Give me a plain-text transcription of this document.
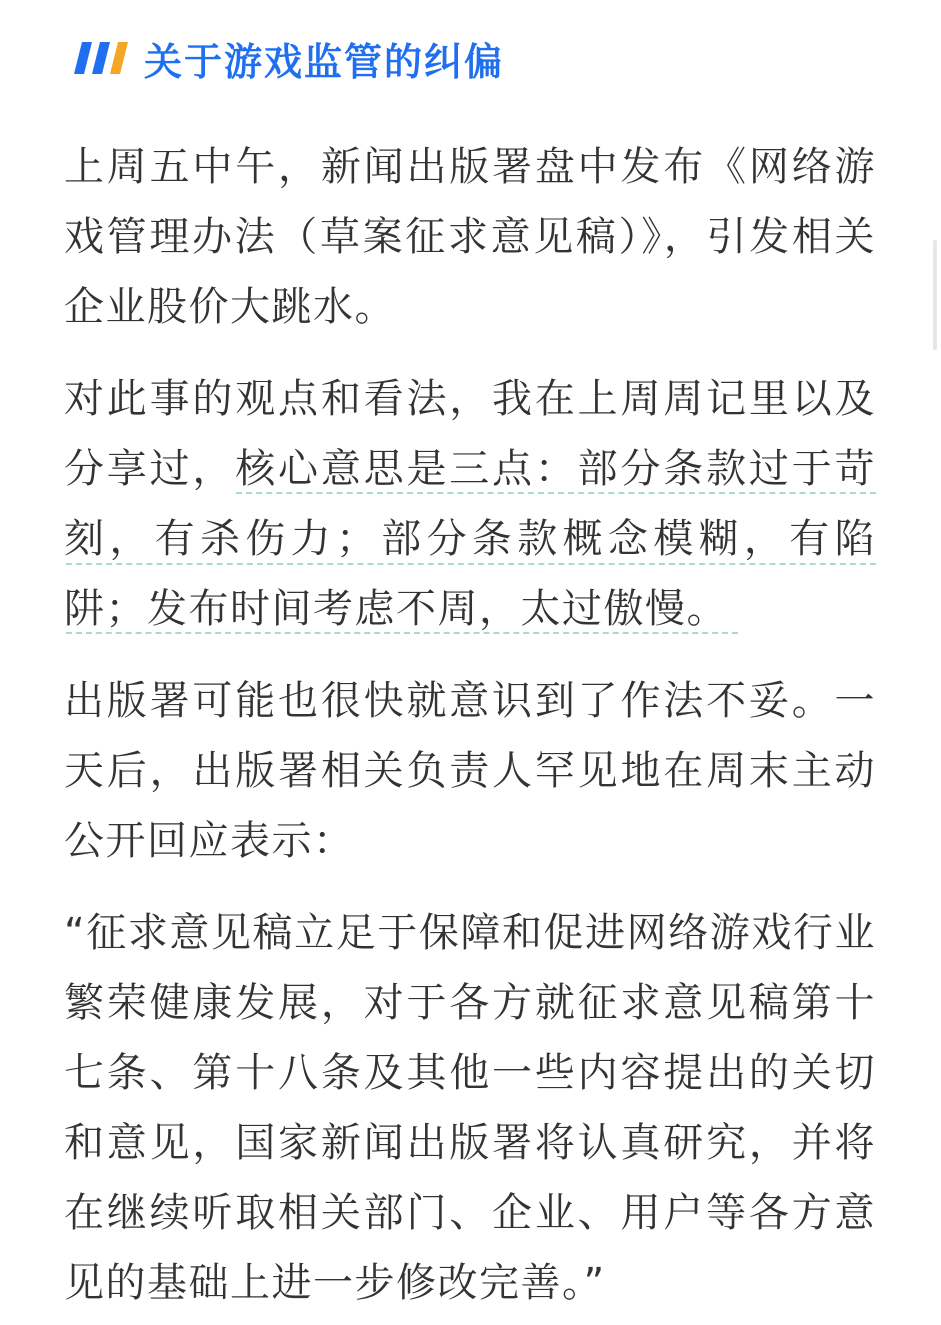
关于游戏监管的纠偏

上周五中午，新闻出版署盘中发布《网络游戏管理办法（草案征求意见稿）》，引发相关企业股价大跳水。

对此事的观点和看法，我在上周周记里以及分享过，核心意思是三点：部分条款过于苛刻，有杀伤力；部分条款概念模糊，有陷阱；发布时间考虑不周，太过傲慢。

出版署可能也很快就意识到了作法不妥。一天后，出版署相关负责人罕见地在周末主动公开回应表示：

“征求意见稿立足于保障和促进网络游戏行业繁荣健康发展，对于各方就征求意见稿第十七条、第十八条及其他一些内容提出的关切和意见，国家新闻出版署将认真研究，并将在继续听取相关部门、企业、用户等各方意见的基础上进一步修改完善。”
